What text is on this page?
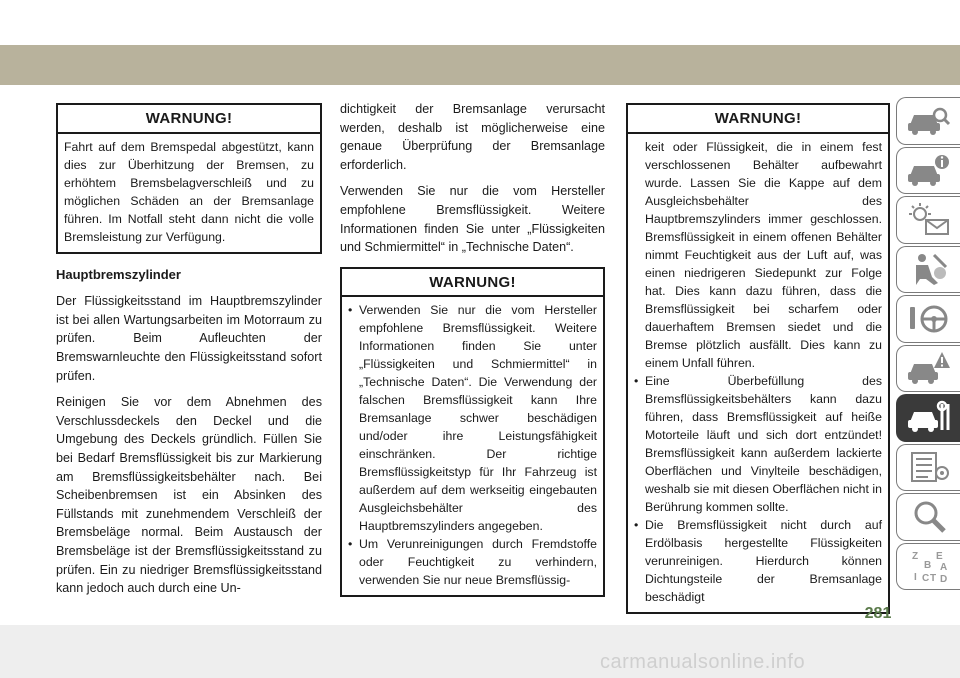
WARNUNG!
Fahrt auf dem Bremspedal abgestützt, kann dies zur Überhitzung der Bremsen, zu erhöhtem Bremsbelagverschleiß und zu möglichen Schäden an der Bremsanlage führen. Im Notfall steht dann nicht die volle Bremsleistung zur Verfügung.
Hauptbremszylinder

Der Flüssigkeitsstand im Hauptbremszylinder ist bei allen Wartungsarbeiten im Motorraum zu prüfen. Beim Aufleuchten der Bremswarnleuchte den Flüssigkeitsstand sofort prüfen.

Reinigen Sie vor dem Abnehmen des Verschlussdeckels den Deckel und die Umgebung des Deckels gründlich. Füllen Sie bei Bedarf Bremsflüssigkeit bis zur Markierung am Bremsflüssigkeitsbehälter nach. Bei Scheibenbremsen ist ein Absinken des Füllstands mit zunehmendem Verschleiß der Bremsbeläge normal. Beim Austausch der Bremsbeläge ist der Bremsflüssigkeitsstand zu prüfen. Ein zu niedriger Bremsflüssigkeitsstand kann jedoch auch durch eine Un-

dichtigkeit der Bremsanlage verursacht werden, deshalb ist möglicherweise eine genaue Überprüfung der Bremsanlage erforderlich.

Verwenden Sie nur die vom Hersteller empfohlene Bremsflüssigkeit. Weitere Informationen finden Sie unter „Flüssigkeiten und Schmiermittel“ in „Technische Daten“.

WARNUNG!
• Verwenden Sie nur die vom Hersteller empfohlene Bremsflüssigkeit. Weitere Informationen finden Sie unter „Flüssigkeiten und Schmiermittel“ in „Technische Daten“. Die Verwendung der falschen Bremsflüssigkeit kann Ihre Bremsanlage schwer beschädigen und/oder ihre Leistungsfähigkeit einschränken. Der richtige Bremsflüssigkeitstyp für Ihr Fahrzeug ist außerdem auf dem werkseitig eingebauten Ausgleichsbehälter des Hauptbremszylinders angegeben.
• Um Verunreinigungen durch Fremdstoffe oder Feuchtigkeit zu verhindern, verwenden Sie nur neue Bremsflüssig-
WARNUNG!
keit oder Flüssigkeit, die in einem fest verschlossenen Behälter aufbewahrt wurde. Lassen Sie die Kappe auf dem Ausgleichsbehälter des Hauptbremszylinders immer geschlossen. Bremsflüssigkeit in einem offenen Behälter nimmt Feuchtigkeit aus der Luft auf, was einen niedrigeren Siedepunkt zur Folge hat. Dies kann dazu führen, dass die Bremsflüssigkeit bei scharfem oder dauerhaftem Bremsen siedet und die Bremse plötzlich ausfällt. Dies kann zu einem Unfall führen.
• Eine Überbefüllung des Bremsflüssigkeitsbehälters kann dazu führen, dass Bremsflüssigkeit auf heiße Motorteile läuft und sich dort entzündet! Bremsflüssigkeit kann außerdem lackierte Oberflächen und Vinylteile beschädigen, weshalb sie mit diesen Oberflächen nicht in Berührung kommen sollte.
• Die Bremsflüssigkeit nicht durch auf Erdölbasis hergestellte Flüssigkeiten verunreinigen. Hierdurch können Dichtungsteile der Bremsanlage beschädigt
Z E
B A
I D
C T
281
carmanualsonline.info
